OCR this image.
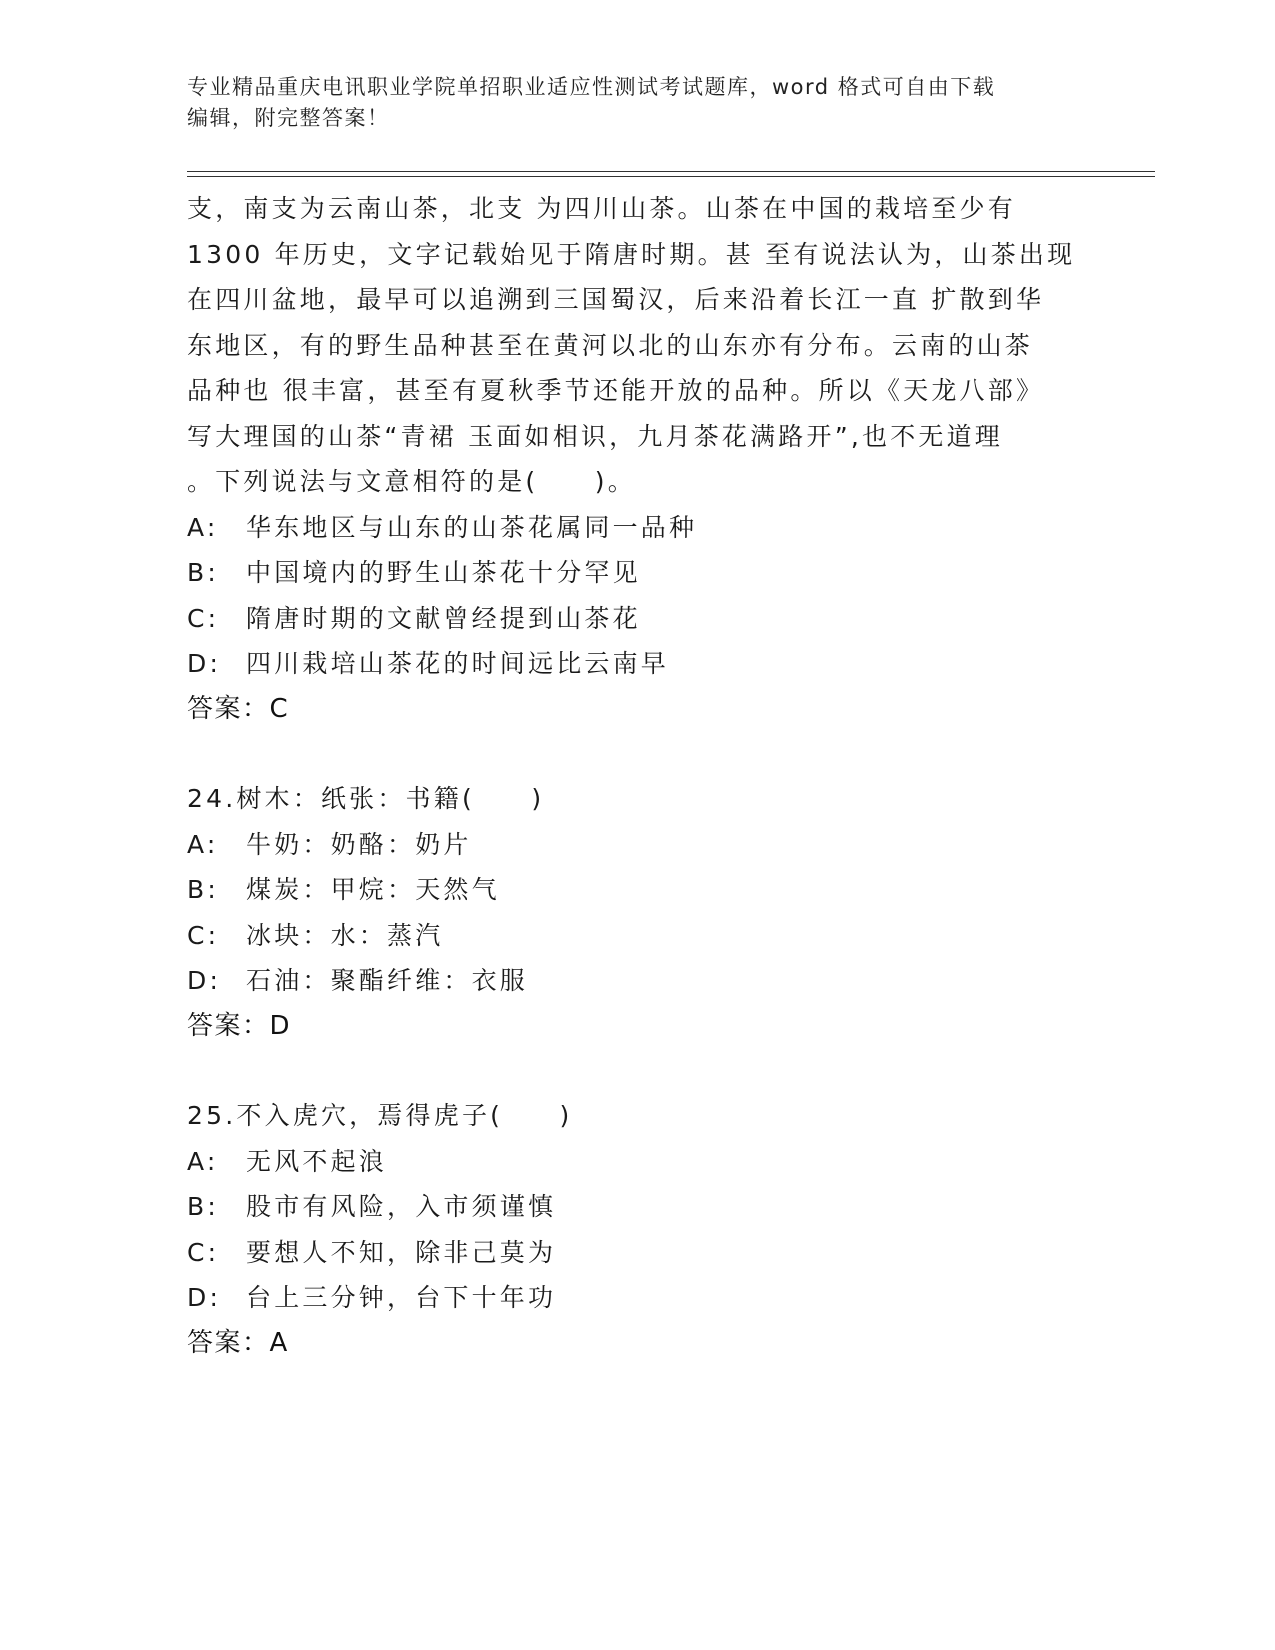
专业精品重庆电讯职业学院单招职业适应性测试考试题库，word 格式可自由下载
编辑，附完整答案！
支，南支为云南山茶，北支 为四川山茶。山茶在中国的栽培至少有
1300 年历史，文字记载始见于隋唐时期。甚 至有说法认为，山茶出现
在四川盆地，最早可以追溯到三国蜀汉，后来沿着长江一直 扩散到华
东地区，有的野生品种甚至在黄河以北的山东亦有分布。云南的山茶
品种也 很丰富，甚至有夏秋季节还能开放的品种。所以《天龙八部》
写大理国的山茶“青裙 玉面如相识，九月茶花满路开”,也不无道理
。下列说法与文意相符的是(　　)。
A:	华东地区与山东的山茶花属同一品种
B:	中国境内的野生山茶花十分罕见
C:	隋唐时期的文献曾经提到山茶花
D: 四川栽培山茶花的时间远比云南早
答案：C
24.树木：纸张：书籍(　　)
A:	牛奶：奶酪：奶片
B:	煤炭：甲烷：天然气
C:	冰块：水：蒸汽
D: 石油：聚酯纤维：衣服
答案：D
25.不入虎穴，焉得虎子(　　)
A:	无风不起浪
B:	股市有风险，入市须谨慎
C:	要想人不知，除非己莫为
D: 台上三分钟，台下十年功
答案：A
